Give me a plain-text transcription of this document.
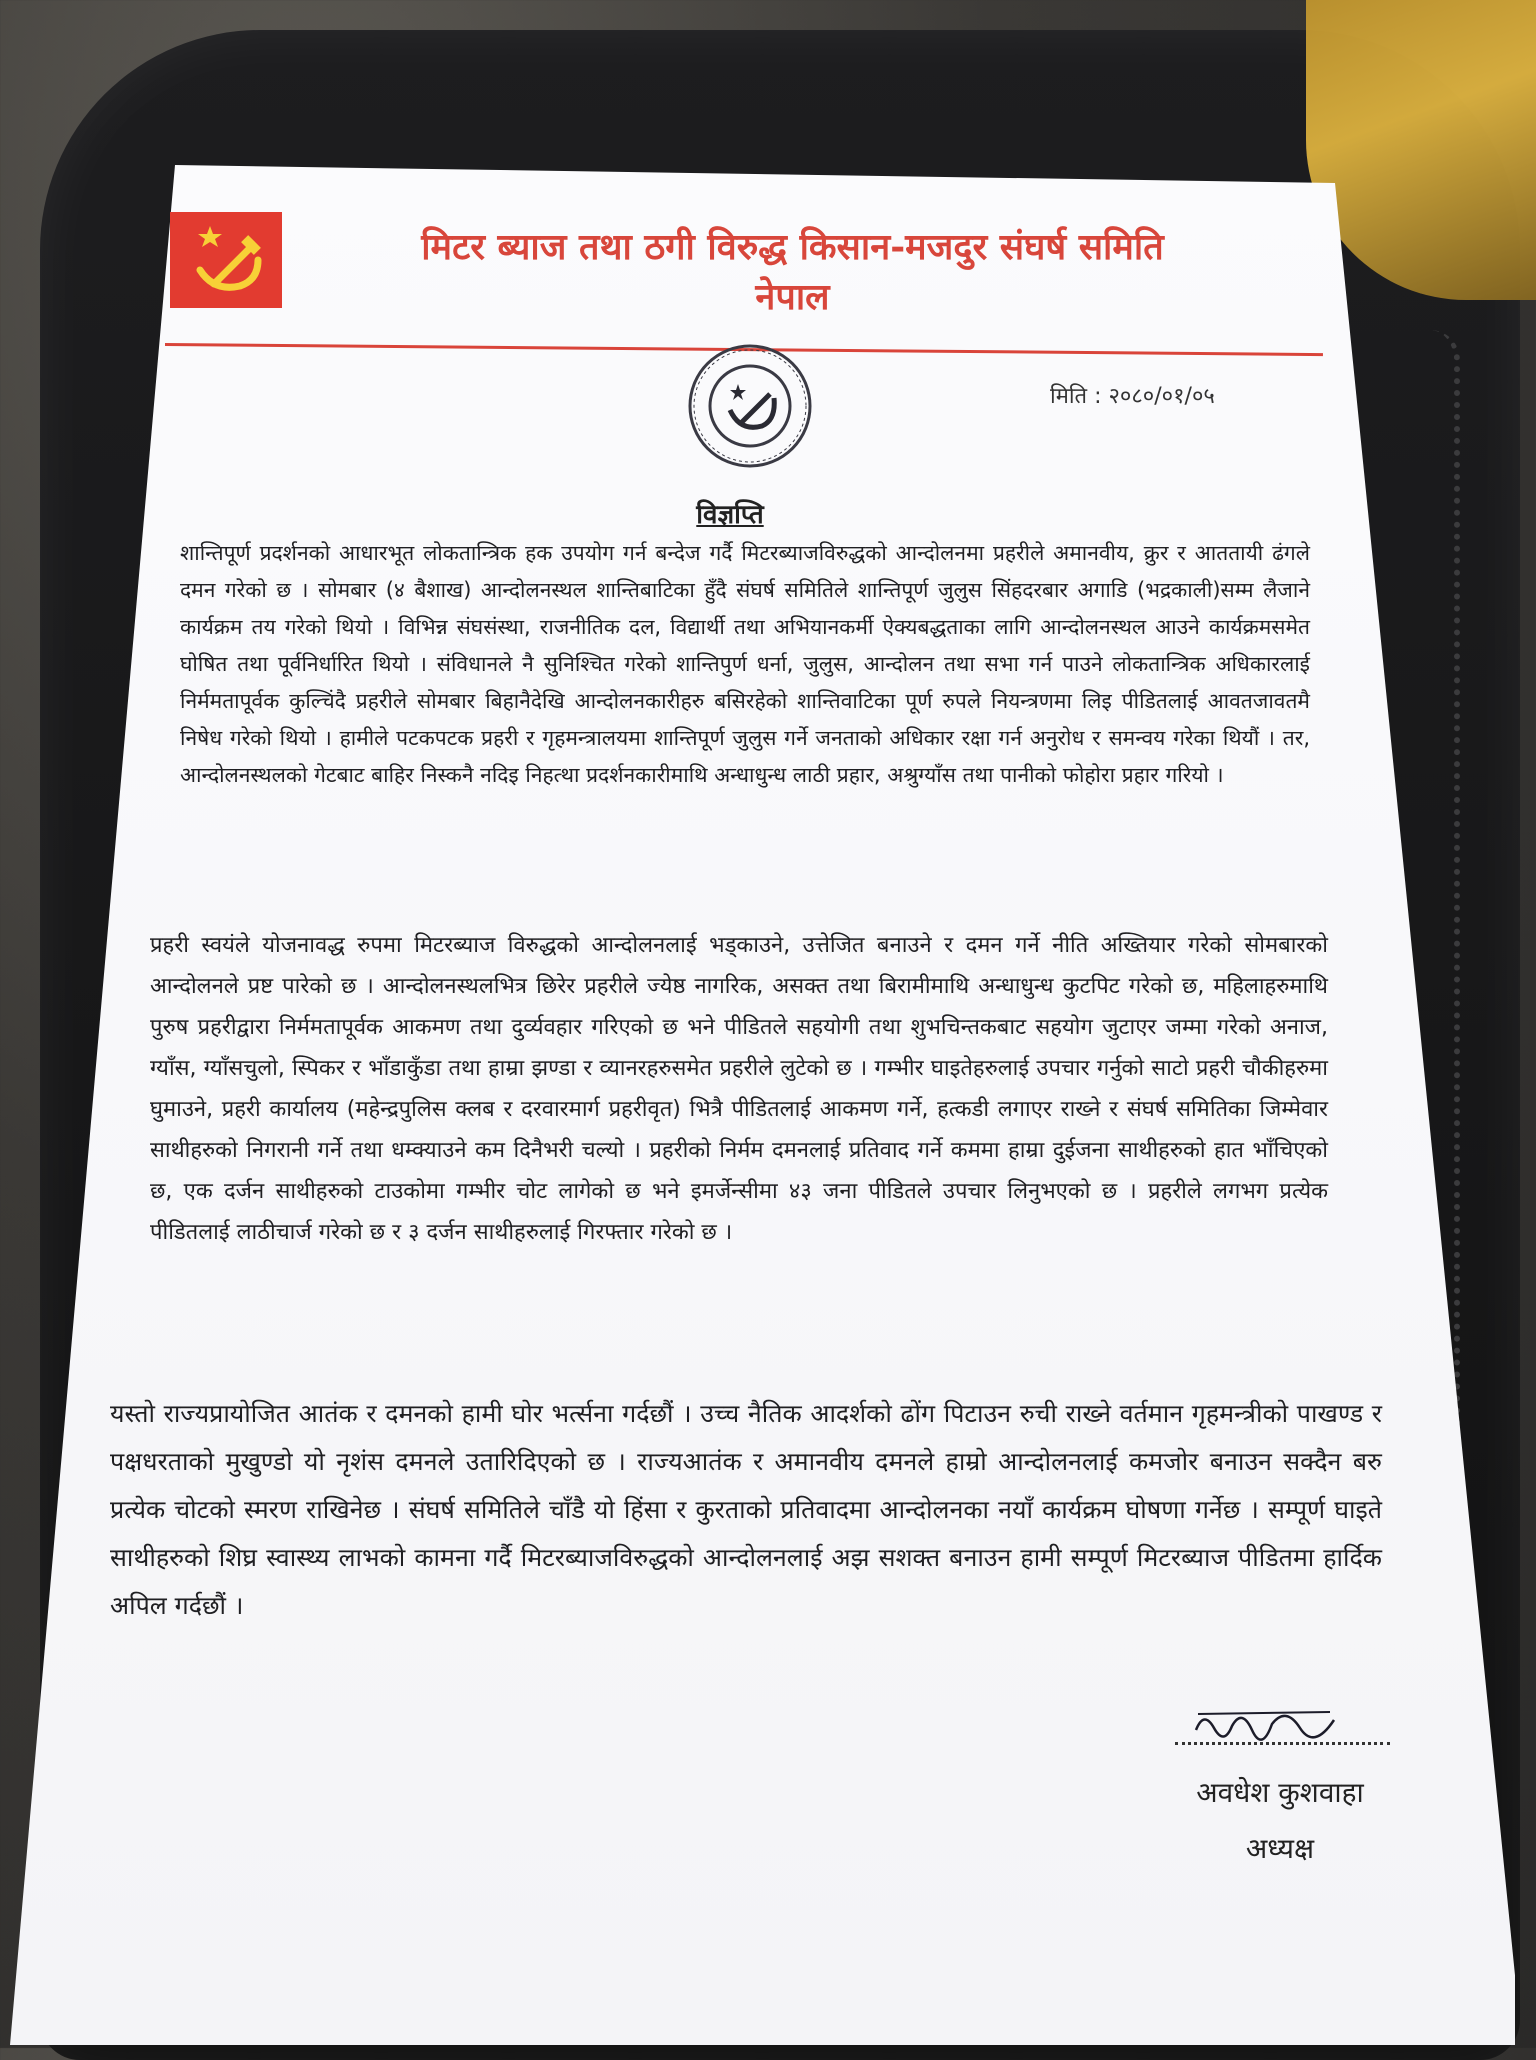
मिटर ब्याज तथा ठगी विरुद्ध किसान-मजदुर संघर्ष समिति
नेपाल
मिति : २०८०/०१/०५
विज्ञप्ति
शान्तिपूर्ण प्रदर्शनको आधारभूत लोकतान्त्रिक हक उपयोग गर्न बन्देज गर्दै मिटरब्याजविरुद्धको आन्दोलनमा प्रहरीले अमानवीय, क्रुर र आततायी ढंगले दमन गरेको छ । सोमबार (४ बैशाख) आन्दोलनस्थल शान्तिबाटिका हुँदै संघर्ष समितिले शान्तिपूर्ण जुलुस सिंहदरबार अगाडि (भद्रकाली)सम्म लैजाने कार्यक्रम तय गरेको थियो । विभिन्न संघसंस्था, राजनीतिक दल, विद्यार्थी तथा अभियानकर्मी ऐक्यबद्धताका लागि आन्दोलनस्थल आउने कार्यक्रमसमेत घोषित तथा पूर्वनिर्धारित थियो । संविधानले नै सुनिश्चित गरेको शान्तिपुर्ण धर्ना, जुलुस, आन्दोलन तथा सभा गर्न पाउने लोकतान्त्रिक अधिकारलाई निर्ममतापूर्वक कुल्चिंदै प्रहरीले सोमबार बिहानैदेखि आन्दोलनकारीहरु बसिरहेको शान्तिवाटिका पूर्ण रुपले नियन्त्रणमा लिइ पीडितलाई आवतजावतमै निषेध गरेको थियो । हामीले पटकपटक प्रहरी र गृहमन्त्रालयमा शान्तिपूर्ण जुलुस गर्ने जनताको अधिकार रक्षा गर्न अनुरोध र समन्वय गरेका थियौं । तर, आन्दोलनस्थलको गेटबाट बाहिर निस्कनै नदिइ निहत्था प्रदर्शनकारीमाथि अन्धाधुन्ध लाठी प्रहार, अश्रुग्याँस तथा पानीको फोहोरा प्रहार गरियो ।
प्रहरी स्वयंले योजनावद्ध रुपमा मिटरब्याज विरुद्धको आन्दोलनलाई भड्काउने, उत्तेजित बनाउने र दमन गर्ने नीति अख्तियार गरेको सोमबारको आन्दोलनले प्रष्ट पारेको छ । आन्दोलनस्थलभित्र छिरेर प्रहरीले ज्येष्ठ नागरिक, असक्त तथा बिरामीमाथि अन्धाधुन्ध कुटपिट गरेको छ, महिलाहरुमाथि पुरुष प्रहरीद्वारा निर्ममतापूर्वक आकमण तथा दुर्व्यवहार गरिएको छ भने पीडितले सहयोगी तथा शुभचिन्तकबाट सहयोग जुटाएर जम्मा गरेको अनाज, ग्याँस, ग्याँसचुलो, स्पिकर र भाँडाकुँडा तथा हाम्रा झण्डा र व्यानरहरुसमेत प्रहरीले लुटेको छ । गम्भीर घाइतेहरुलाई उपचार गर्नुको साटो प्रहरी चौकीहरुमा घुमाउने, प्रहरी कार्यालय (महेन्द्रपुलिस क्लब र दरवारमार्ग प्रहरीवृत) भित्रै पीडितलाई आकमण गर्ने, हत्कडी लगाएर राख्ने र संघर्ष समितिका जिम्मेवार साथीहरुको निगरानी गर्ने तथा धम्क्याउने कम दिनैभरी चल्यो । प्रहरीको निर्मम दमनलाई प्रतिवाद गर्ने कममा हाम्रा दुईजना साथीहरुको हात भाँचिएको छ, एक दर्जन साथीहरुको टाउकोमा गम्भीर चोट लागेको छ भने इमर्जेन्सीमा ४३ जना पीडितले उपचार लिनुभएको छ । प्रहरीले लगभग प्रत्येक पीडितलाई लाठीचार्ज गरेको छ र ३ दर्जन साथीहरुलाई गिरफ्तार गरेको छ ।
यस्तो राज्यप्रायोजित आतंक र दमनको हामी घोर भर्त्सना गर्दछौं । उच्च नैतिक आदर्शको ढोंग पिटाउन रुची राख्ने वर्तमान गृहमन्त्रीको पाखण्ड र पक्षधरताको मुखुण्डो यो नृशंस दमनले उतारिदिएको छ । राज्यआतंक र अमानवीय दमनले हाम्रो आन्दोलनलाई कमजोर बनाउन सक्दैन बरु प्रत्येक चोटको स्मरण राखिनेछ । संघर्ष समितिले चाँडै यो हिंसा र कुरताको प्रतिवादमा आन्दोलनका नयाँ कार्यक्रम घोषणा गर्नेछ । सम्पूर्ण घाइते साथीहरुको शिघ्र स्वास्थ्य लाभको कामना गर्दै मिटरब्याजविरुद्धको आन्दोलनलाई अझ सशक्त बनाउन हामी सम्पूर्ण मिटरब्याज पीडितमा हार्दिक अपिल गर्दछौं ।
अवधेश कुशवाहा
अध्यक्ष
